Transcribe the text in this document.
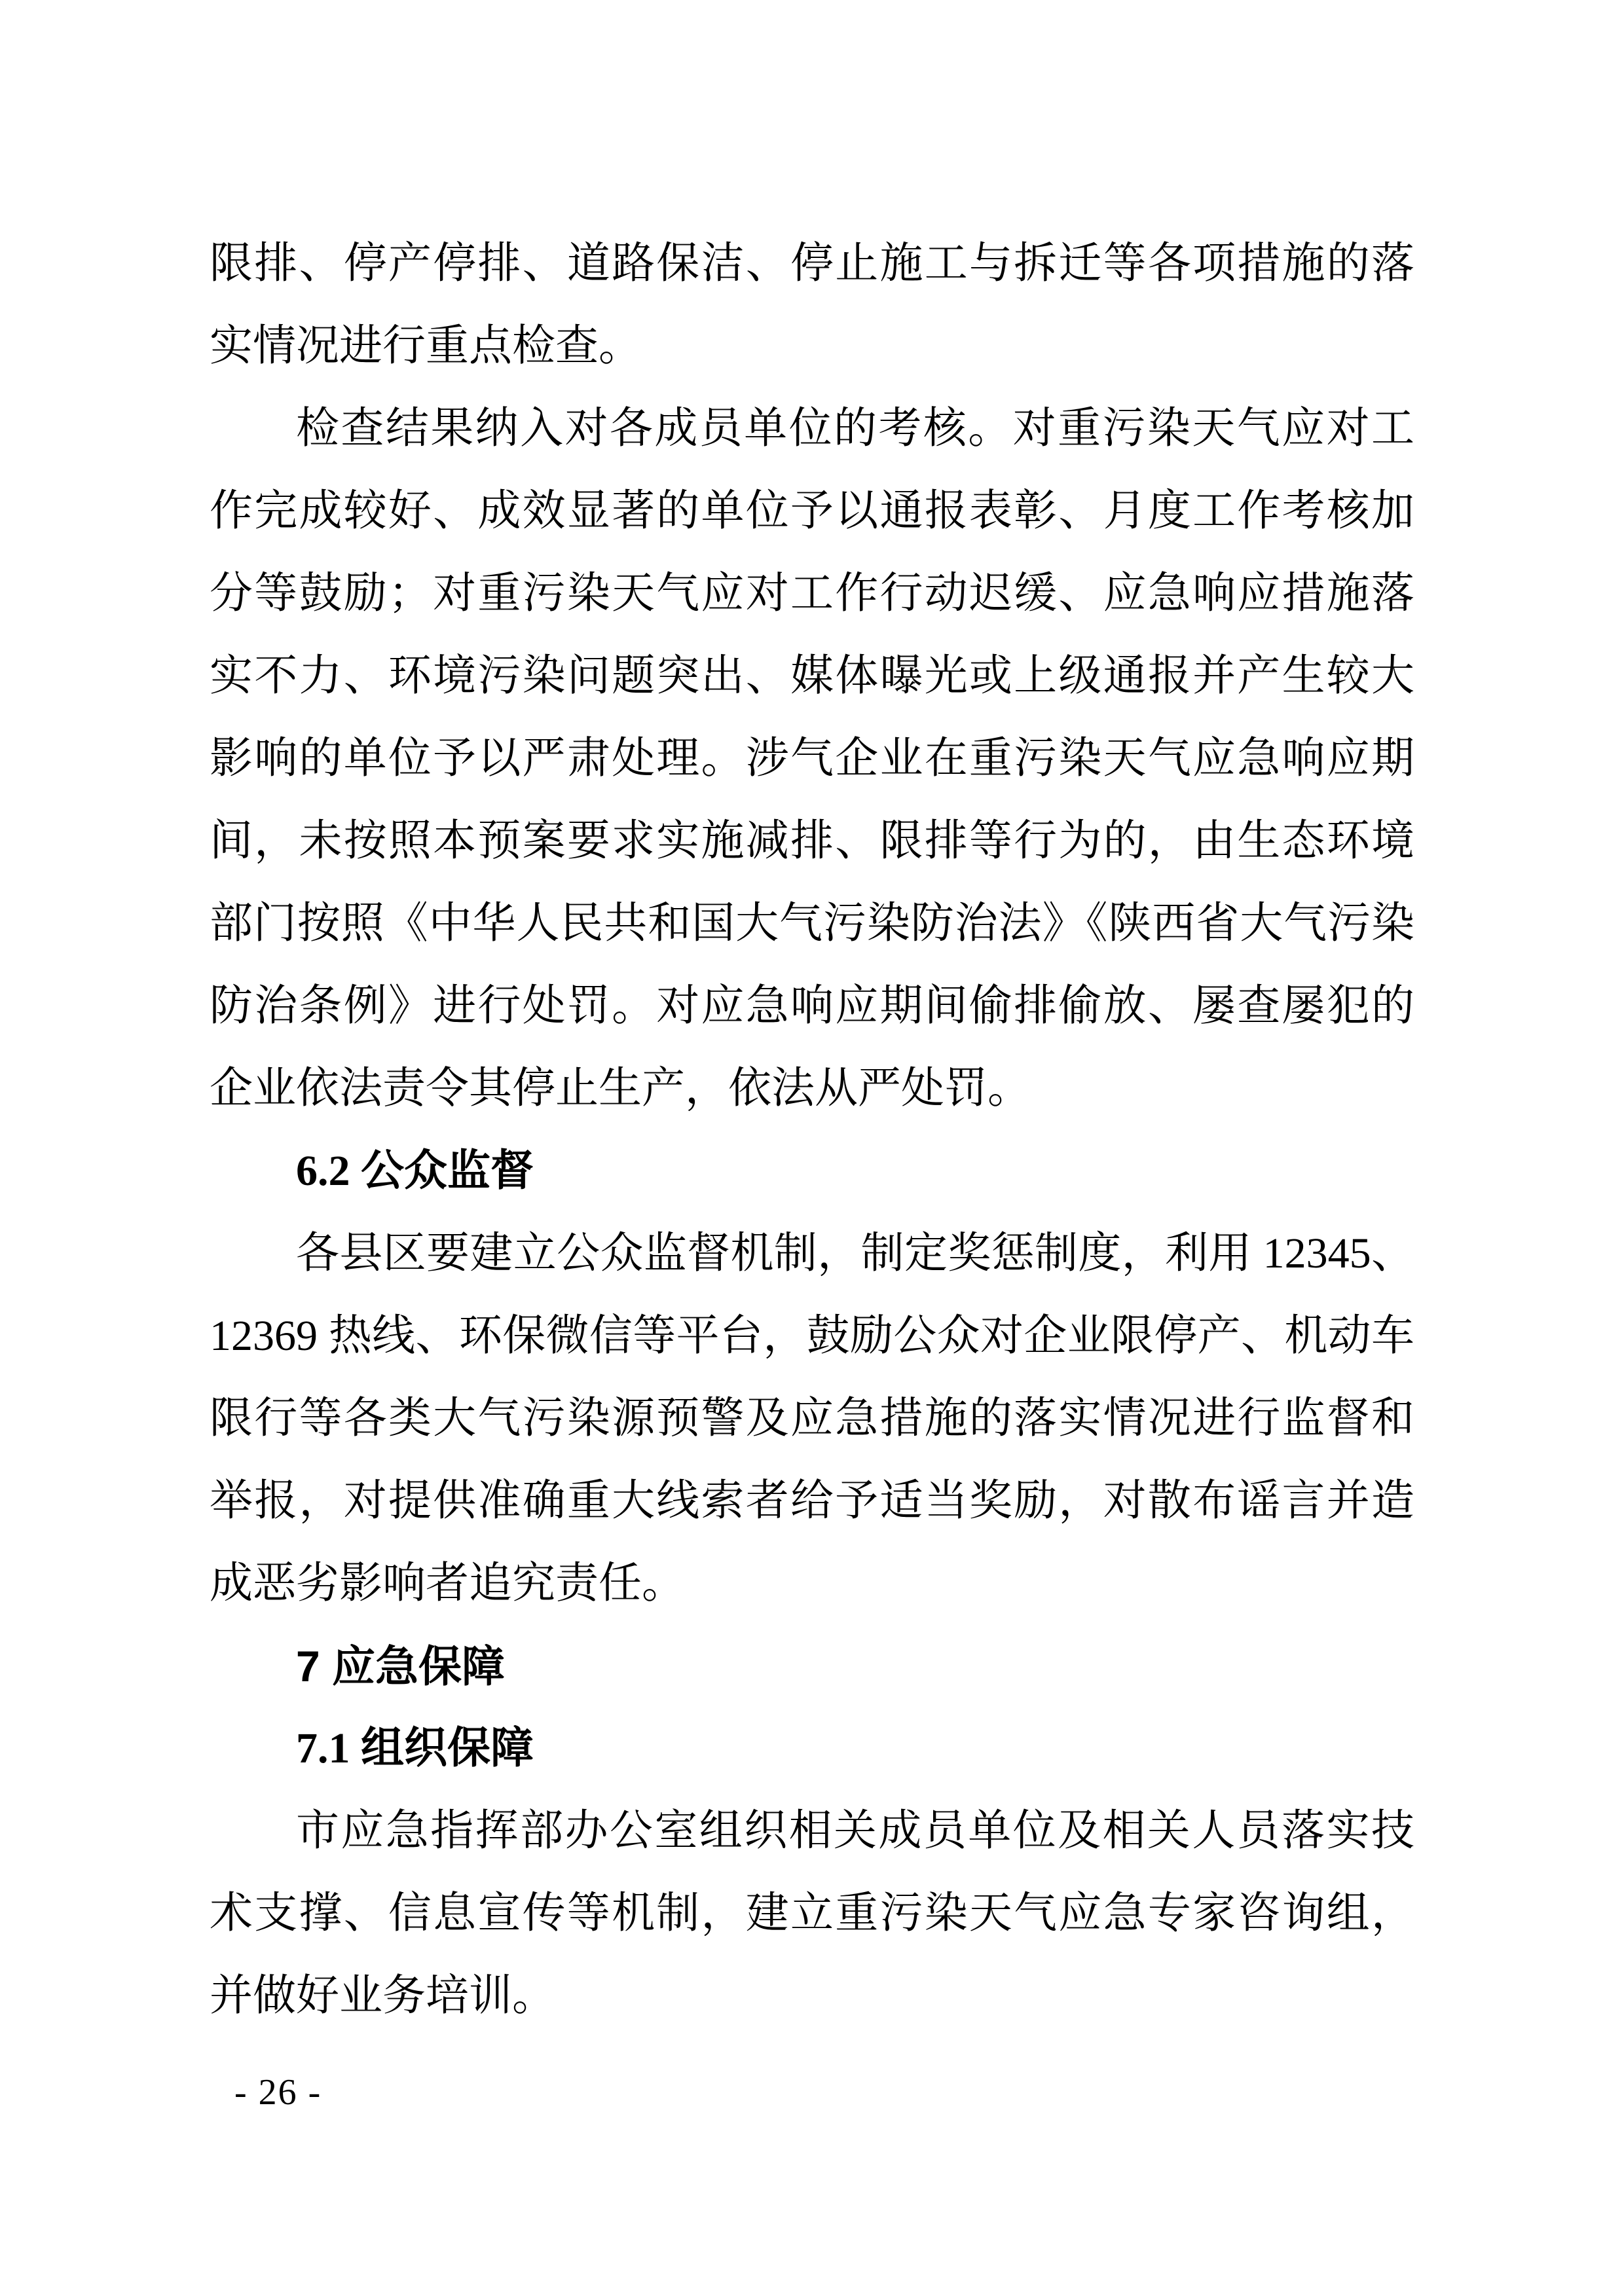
限排、停产停排、道路保洁、停止施工与拆迁等各项措施的落实情况进行重点检查。

检查结果纳入对各成员单位的考核。对重污染天气应对工作完成较好、成效显著的单位予以通报表彰、月度工作考核加分等鼓励；对重污染天气应对工作行动迟缓、应急响应措施落实不力、环境污染问题突出、媒体曝光或上级通报并产生较大影响的单位予以严肃处理。涉气企业在重污染天气应急响应期间，未按照本预案要求实施减排、限排等行为的，由生态环境部门按照《中华人民共和国大气污染防治法》《陕西省大气污染防治条例》进行处罚。对应急响应期间偷排偷放、屡查屡犯的企业依法责令其停止生产，依法从严处罚。

6.2 公众监督

各县区要建立公众监督机制，制定奖惩制度，利用 12345、12369 热线、环保微信等平台，鼓励公众对企业限停产、机动车限行等各类大气污染源预警及应急措施的落实情况进行监督和举报，对提供准确重大线索者给予适当奖励，对散布谣言并造成恶劣影响者追究责任。

7 应急保障

7.1 组织保障

市应急指挥部办公室组织相关成员单位及相关人员落实技术支撑、信息宣传等机制，建立重污染天气应急专家咨询组，并做好业务培训。

- 26 -
